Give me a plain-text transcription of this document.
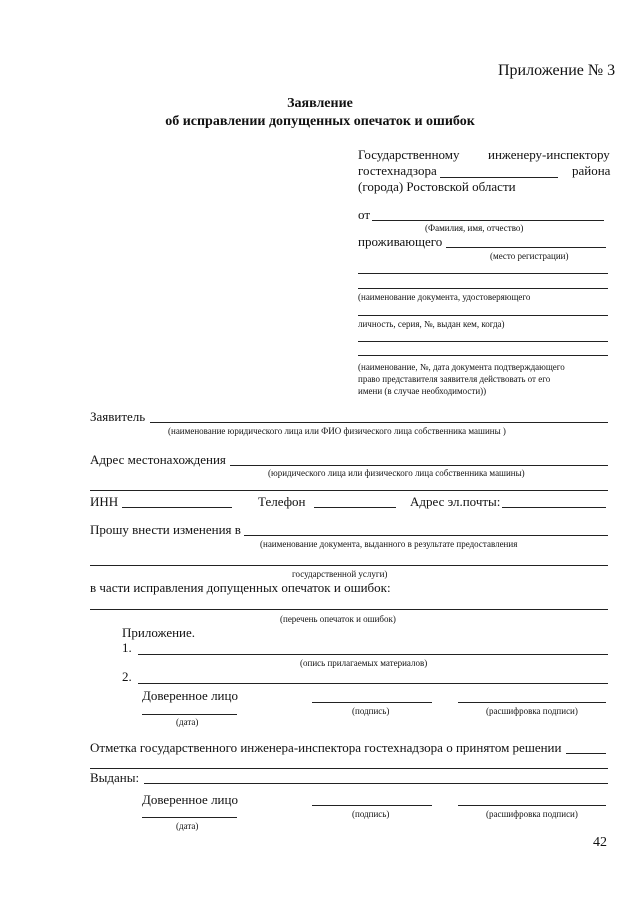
Приложение № 3
Заявление
об исправлении допущенных опечаток и ошибок
Государственному инженеру-инспектору
гостехнадзора	района
(города) Ростовской области
от
(Фамилия, имя, отчество)
проживающего
(место регистрации)
(наименование документа, удостоверяющего
личность, серия, №, выдан кем, когда)
(наименование, №, дата документа подтверждающего
право представителя заявителя действовать от его
имени (в случае необходимости))
Заявитель
(наименование юридического лица или ФИО физического лица собственника машины )
Адрес местонахождения
(юридического лица или физического лица собственника машины)
ИНН	Телефон	Адрес эл.почты:
Прошу внести изменения в
(наименование документа, выданного в результате предоставления
государственной услуги)
в части исправления допущенных опечаток и ошибок:
(перечень опечаток и ошибок)
Приложение.
1.
(опись прилагаемых материалов)
2.
Доверенное лицо
(подпись)	(расшифровка подписи)
(дата)
Отметка государственного инженера-инспектора гостехнадзора о принятом решении
Выданы:
Доверенное лицо
(подпись)	(расшифровка подписи)
(дата)
42
